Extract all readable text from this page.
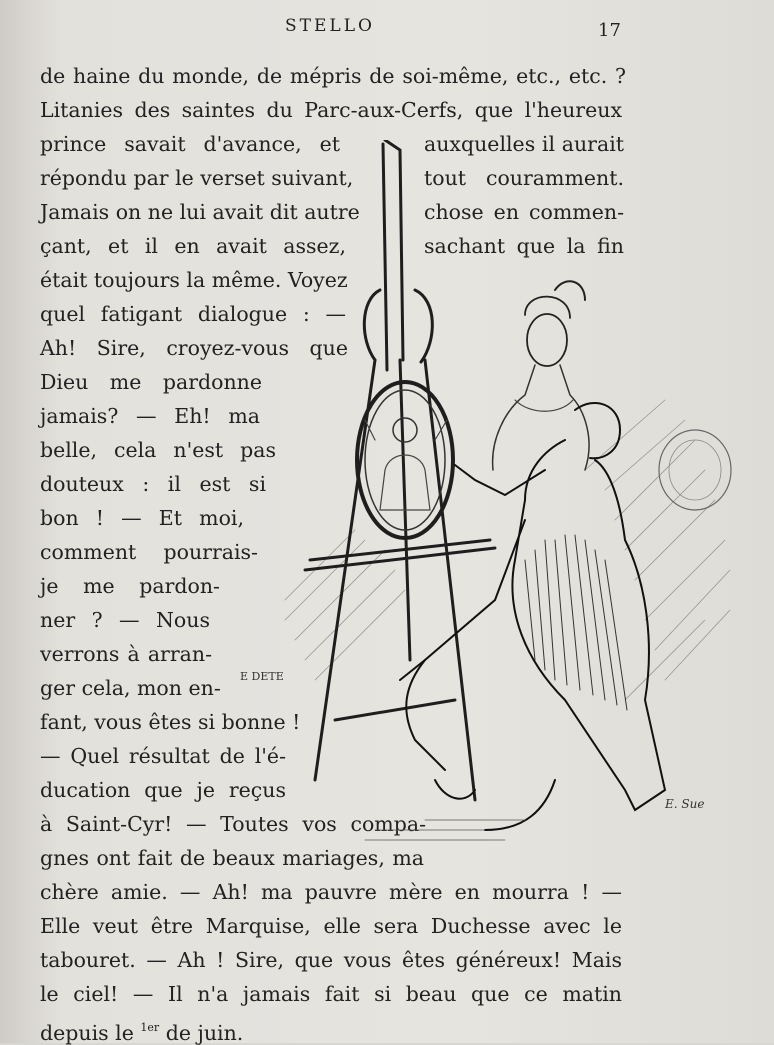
STELLO	17
de haine du monde, de mépris de soi-même, etc., etc. ?
Litanies des saintes du Parc-aux-Cerfs, que l'heureux
prince savait d'avance, et
répondu par le verset suivant,
Jamais on ne lui avait dit autre
çant, et il en avait assez,
auxquelles il aurait
tout couramment.
chose en commen-
sachant que la fin
était toujours la même. Voyez
quel fatigant dialogue : —
Ah! Sire, croyez-vous que
Dieu me pardonne
jamais? — Eh! ma
belle, cela n'est pas
douteux : il est si
bon ! — Et moi,
comment pourrais-
je me pardon-
ner ? — Nous
verrons à arran-
ger cela, mon en-
fant, vous êtes si bonne !
— Quel résultat de l'é-
ducation que je reçus
à Saint-Cyr! — Toutes vos compa-
gnes ont fait de beaux mariages, ma
chère amie. — Ah! ma pauvre mère en mourra ! —
Elle veut être Marquise, elle sera Duchesse avec le
tabouret. — Ah ! Sire, que vous êtes généreux! Mais
le ciel! — Il n'a jamais fait si beau que ce matin
depuis le $^{1er}$ de juin.
E DETE
E. Sue
